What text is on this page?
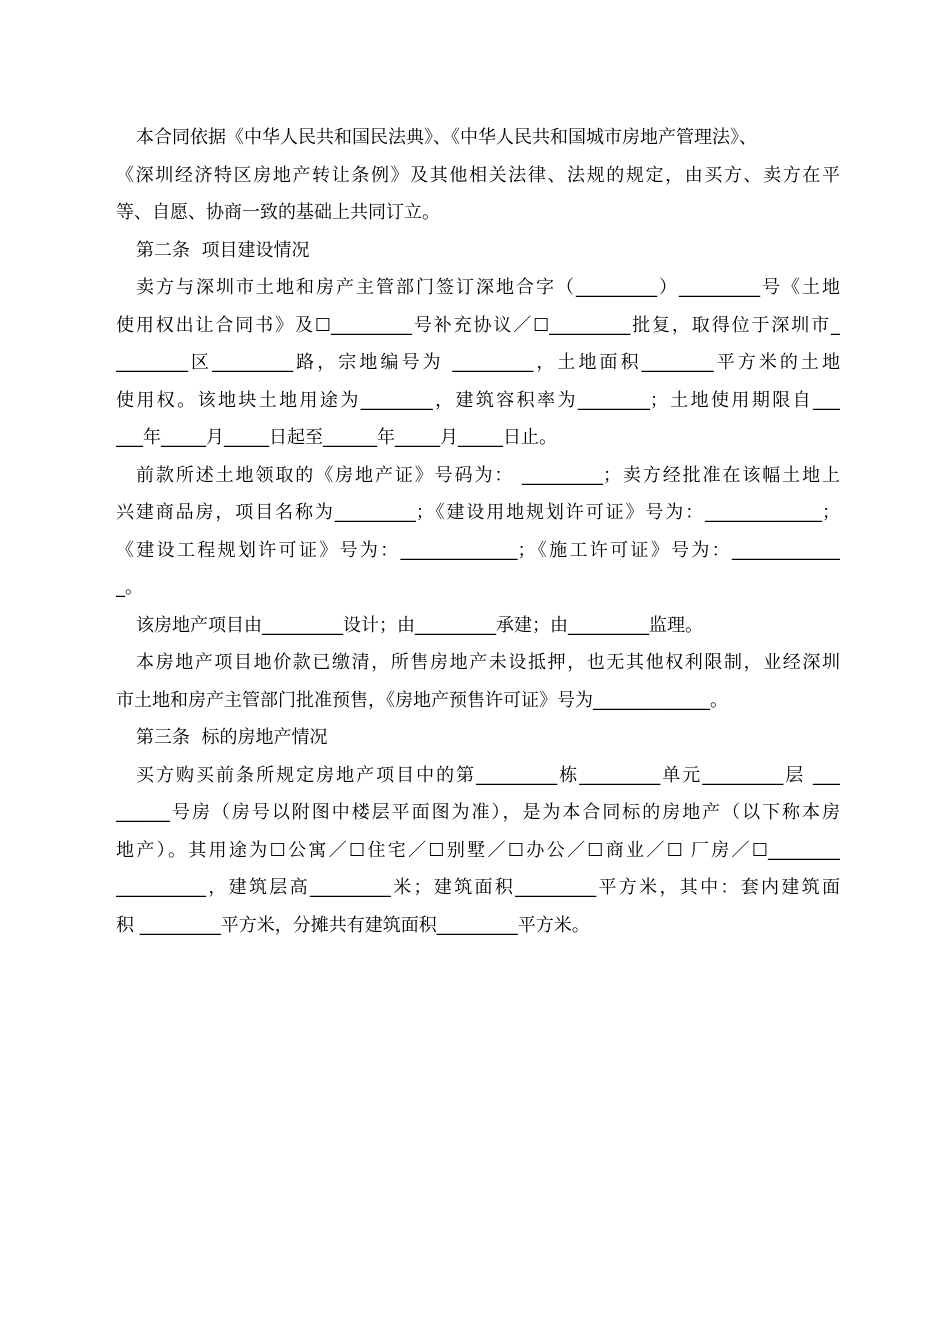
本合同依据《中华人民共和国民法典》、《中华人民共和国城市房地产管理法》、
《深圳经济特区房地产转让条例》及其他相关法律、法规的规定，由买方、卖方在平
等、自愿、协商一致的基础上共同订立。
第二条  项目建设情况
卖方与深圳市土地和房产主管部门签订深地合字（_________）_________号《土地
使用权出让合同书》及☐_________号补充协议／☐_________批复，取得位于深圳市_
________区_________路，宗地编号为 _________，土地面积________平方米的土地
使用权。该地块土地用途为________，建筑容积率为________；土地使用期限自___
___年_____月_____日起至______年_____月_____日止。
前款所述土地领取的《房地产证》号码为： _________；卖方经批准在该幅土地上
兴建商品房，项目名称为_________；《建设用地规划许可证》号为：_____________；
《建设工程规划许可证》号为：_____________；《施工许可证》号为：____________
_。
该房地产项目由_________设计；由_________承建；由_________监理。
本房地产项目地价款已缴清，所售房地产未设抵押，也无其他权利限制，业经深圳
市土地和房产主管部门批准预售，《房地产预售许可证》号为_____________。
第三条  标的房地产情况
买方购买前条所规定房地产项目中的第_________栋_________单元_________层 ___
______号房（房号以附图中楼层平面图为准），是为本合同标的房地产（以下称本房
地产）。其用途为☐公寓／☐住宅／☐别墅／☐办公／☐商业／☐ 厂房／☐________
__________，建筑层高_________米；建筑面积_________平方米，其中：套内建筑面
积 _________平方米，分摊共有建筑面积_________平方米。
